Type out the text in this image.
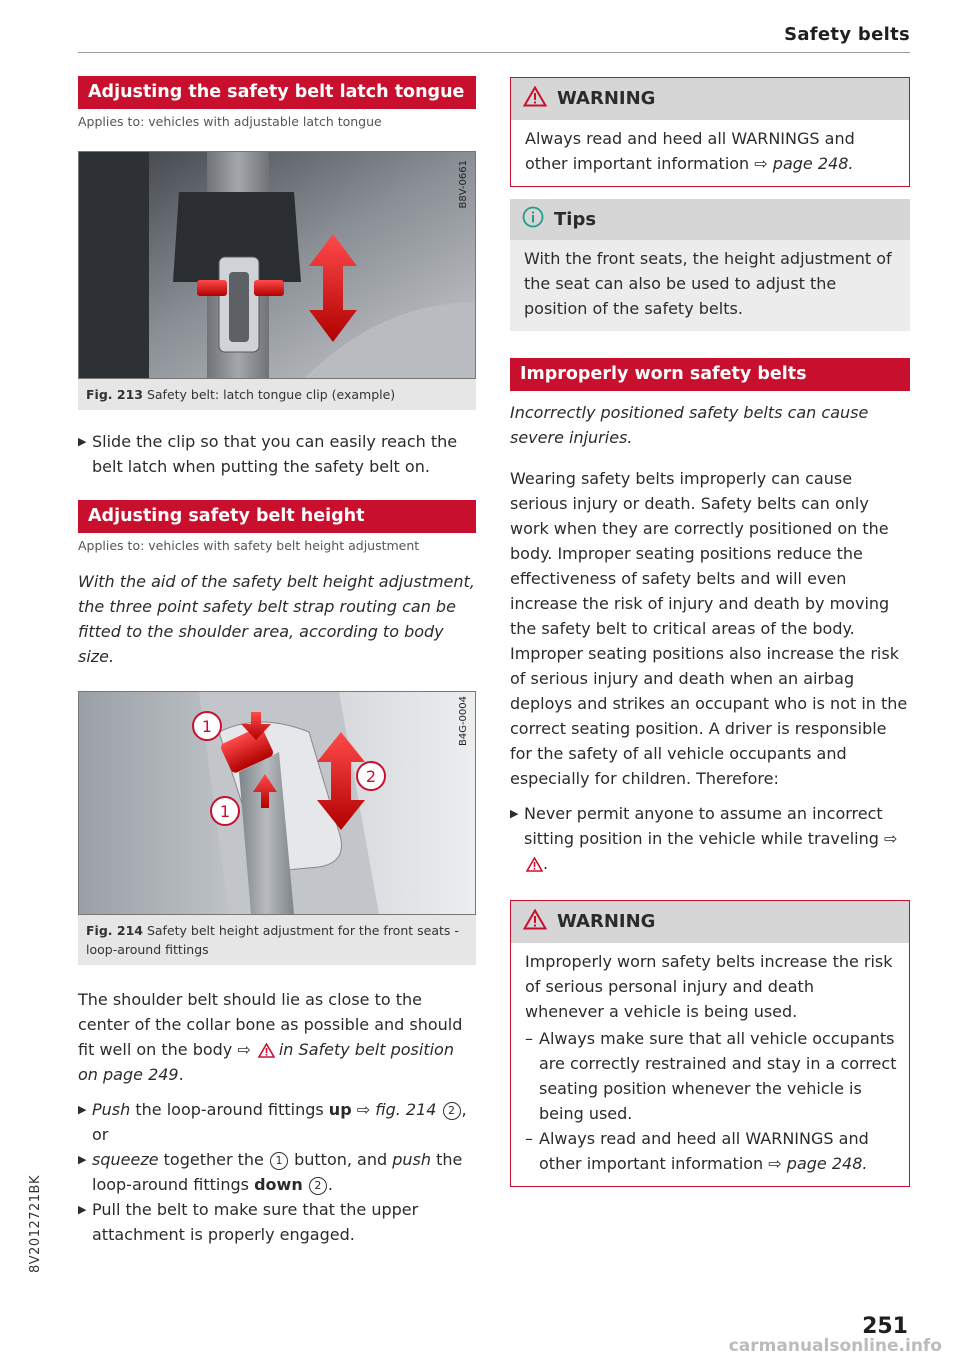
Safety belts
Adjusting the safety belt latch tongue

Applies to: vehicles with adjustable latch tongue

B8V-0661
Fig. 213 Safety belt: latch tongue clip (example)
▶ Slide the clip so that you can easily reach the belt latch when putting the safety belt on.
Adjusting safety belt height

Applies to: vehicles with safety belt height adjustment

With the aid of the safety belt height adjustment, the three point safety belt strap routing can be fitted to the shoulder area, according to body size.

1
1
2
B4G-0004
Fig. 214 Safety belt height adjustment for the front seats - loop-around fittings

The shoulder belt should lie as close to the center of the collar bone as possible and should fit well on the body ⇨ in Safety belt position on page 249.

▶ Push the loop-around fittings up ⇨ fig. 214 2 ,
or
▶ squeeze together the 1 button, and push the loop-around fittings down 2 .
▶ Pull the belt to make sure that the upper attachment is properly engaged.
WARNING
Always read and heed all WARNINGS and other important information ⇨ page 248.
Tips
With the front seats, the height adjustment of the seat can also be used to adjust the position of the safety belts.
Improperly worn safety belts

Incorrectly positioned safety belts can cause severe injuries.

Wearing safety belts improperly can cause serious injury or death. Safety belts can only work when they are correctly positioned on the body. Improper seating positions reduce the effectiveness of safety belts and will even increase the risk of injury and death by moving the safety belt to critical areas of the body. Improper seating positions also increase the risk of serious injury and death when an airbag deploys and strikes an occupant who is not in the correct seating position. A driver is responsible for the safety of all vehicle occupants and especially for children. Therefore:

▶ Never permit anyone to assume an incorrect sitting position in the vehicle while traveling ⇨ .
WARNING

Improperly worn safety belts increase the risk of serious personal injury and death whenever a vehicle is being used.

– Always make sure that all vehicle occupants are correctly restrained and stay in a correct seating position whenever the vehicle is being used.
– Always read and heed all WARNINGS and other important information ⇨ page 248.
8V2012721BK
251
carmanualsonline.info
